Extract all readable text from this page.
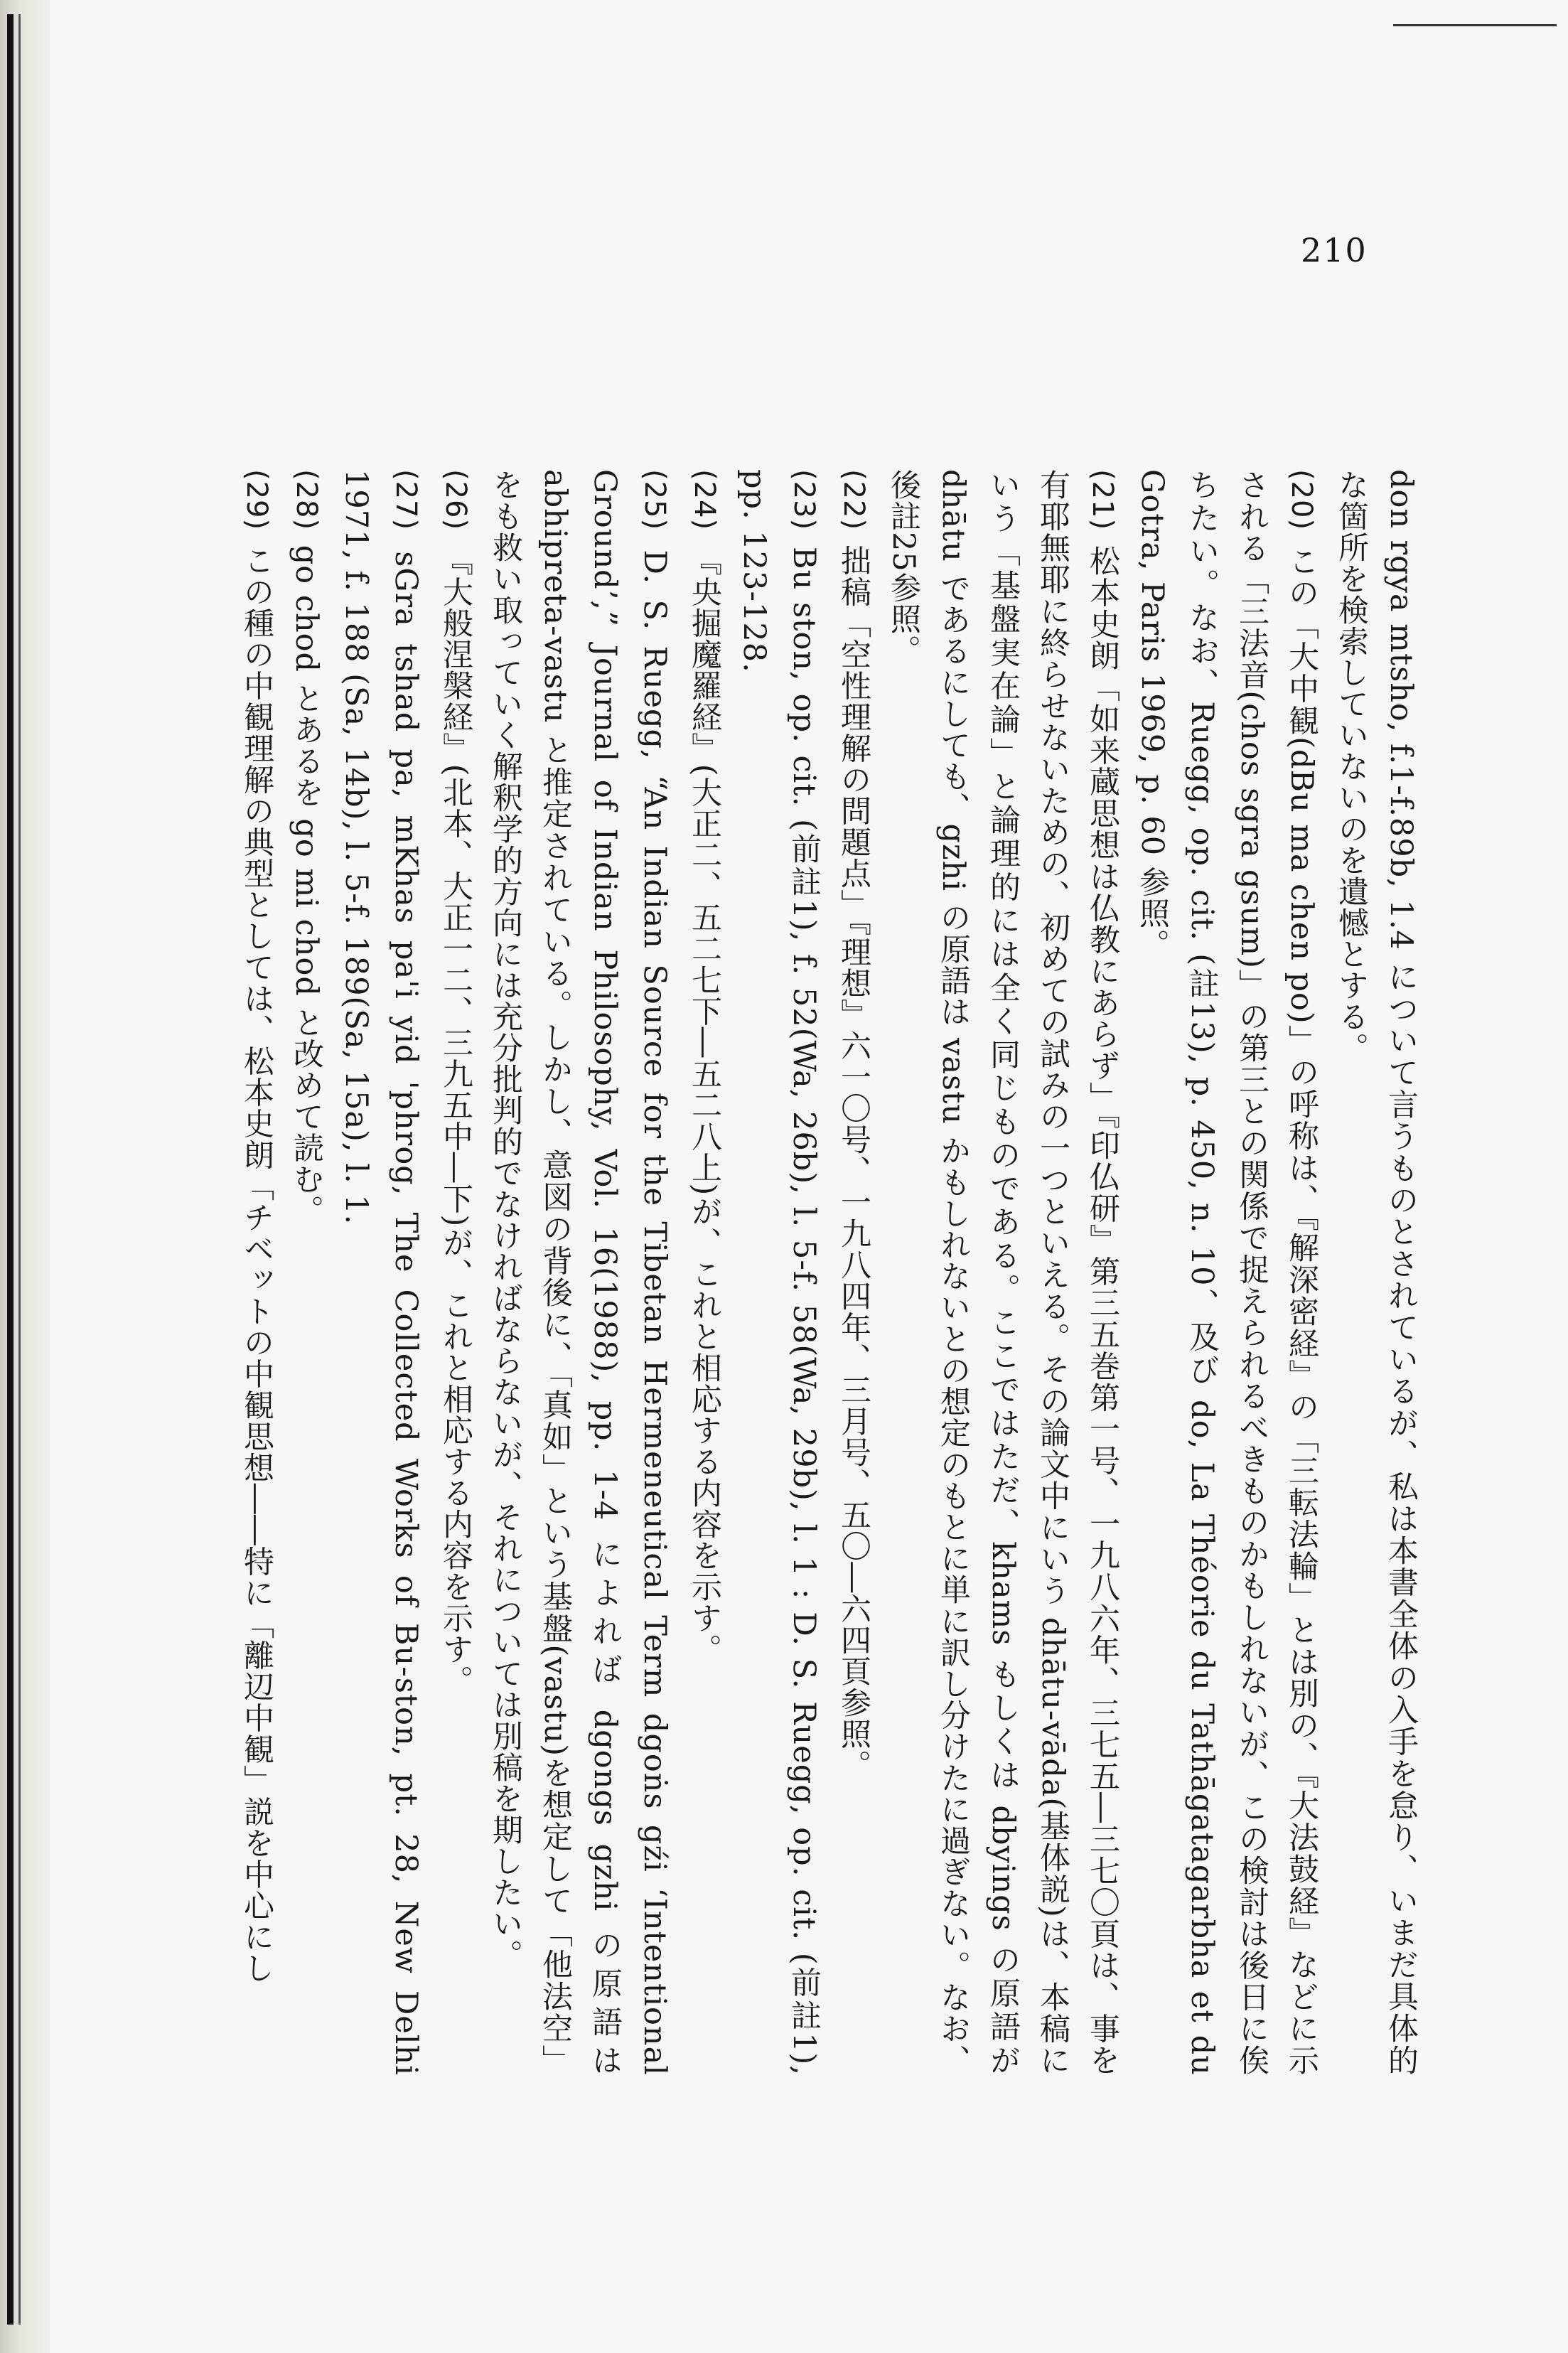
210

don rgya mtsho, f.1-f.89b, 1.4 について言うものとされているが、私は本書全体の入手を怠り、いまだ具体的な箇所を検索していないのを遺憾とする。

(20) この「大中観(dBu ma chen po)」の呼称は、『解深密経』の「三転法輪」とは別の、『大法鼓経』などに示される「三法音(chos sgra gsum)」の第三との関係で捉えられるべきものかもしれないが、この検討は後日に俟ちたい。なお、Ruegg, op. cit. (註13), p. 450, n. 10、及び do, La Théorie du Tathāgatagarbha et du Gotra, Paris 1969, p. 60 参照。

(21) 松本史朗「如来蔵思想は仏教にあらず」『印仏研』第三五巻第一号、一九八六年、三七五―三七〇頁は、事を有耶無耶に終らせないための、初めての試みの一つといえる。その論文中にいう dhātu-vāda(基体説)は、本稿にいう「基盤実在論」と論理的には全く同じものである。ここではただ、khams もしくは dbyings の原語が dhātu であるにしても、gzhi の原語は vastu かもしれないとの想定のもとに単に訳し分けたに過ぎない。なお、後註25参照。

(22) 拙稿「空性理解の問題点」『理想』六一〇号、一九八四年、三月号、五〇―六四頁参照。

(23) Bu ston, op. cit. (前註1), f. 52(Wa, 26b), l. 5-f. 58(Wa, 29b), l. 1 : D. S. Ruegg, op. cit. (前註1), pp. 123-128.

(24) 『央掘魔羅経』(大正二、五二七下―五二八上)が、これと相応する内容を示す。

(25) D. S. Ruegg, “An Indian Source for the Tibetan Hermeneutical Term dgoṅs gźi ‘Intentional Ground’,” Journal of Indian Philosophy, Vol. 16(1988), pp. 1-4 によれば dgongs gzhi の原語は abhipreta-vastu と推定されている。しかし、意図の背後に、「真如」という基盤(vastu)を想定して「他法空」をも救い取っていく解釈学的方向には充分批判的でなければならないが、それについては別稿を期したい。

(26) 『大般涅槃経』(北本、大正一二、三九五中―下)が、これと相応する内容を示す。

(27) sGra tshad pa, mKhas pa'i yid 'phrog, The Collected Works of Bu-ston, pt. 28, New Delhi 1971, f. 188 (Sa, 14b), l. 5-f. 189(Sa, 15a), l. 1.

(28) go chod とあるを go mi chod と改めて読む。

(29) この種の中観理解の典型としては、松本史朗「チベットの中観思想――特に「離辺中観」説を中心にし
